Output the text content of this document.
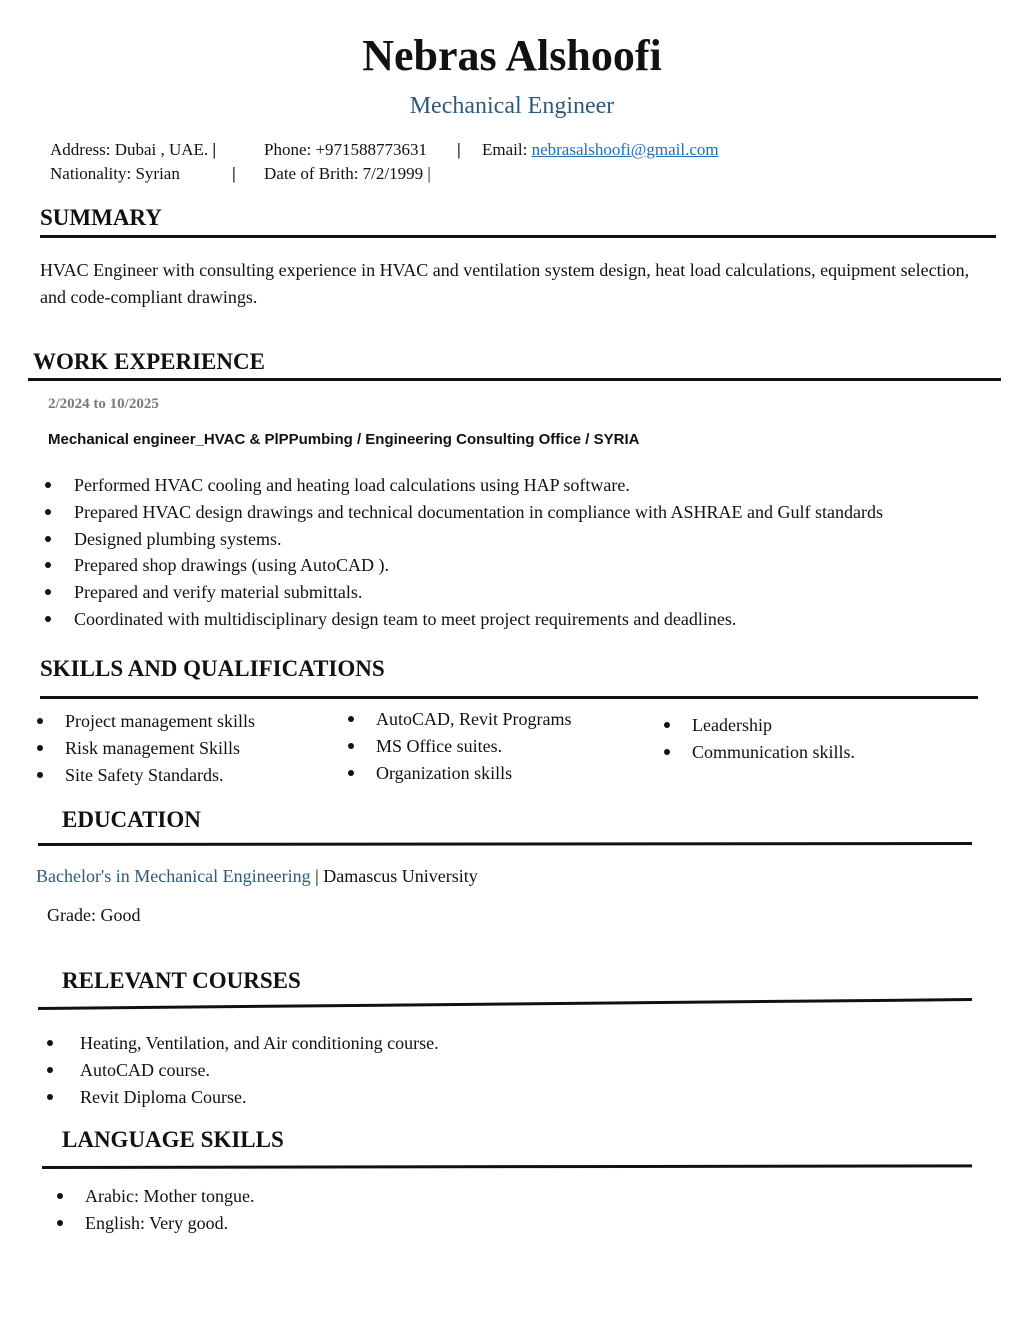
Nebras Alshoofi
Mechanical Engineer
Address: Dubai , UAE. |	Phone: +971588773631 | Email: nebrasalshoofi@gmail.com
Nationality: Syrian	| Date of Brith: 7/2/1999 |
SUMMARY
HVAC Engineer with consulting experience in HVAC and ventilation system design, heat load calculations, equipment selection, and code-compliant drawings.
WORK EXPERIENCE
2/2024 to 10/2025
Mechanical engineer_HVAC & PlPPumbing / Engineering Consulting Office / SYRIA
Performed HVAC cooling and heating load calculations using HAP software.
Prepared HVAC design drawings and technical documentation in compliance with ASHRAE and Gulf standards
Designed plumbing systems.
Prepared shop drawings (using AutoCAD ).
Prepared and verify material submittals.
Coordinated with multidisciplinary design team to meet project requirements and deadlines.
SKILLS AND QUALIFICATIONS
Project management skills
Risk management Skills
Site Safety Standards.
AutoCAD, Revit Programs
MS Office suites.
Organization skills
Leadership
Communication skills.
EDUCATION
Bachelor's in Mechanical Engineering | Damascus University
Grade: Good
RELEVANT COURSES
Heating, Ventilation, and Air conditioning course.
AutoCAD course.
Revit Diploma Course.
LANGUAGE SKILLS
Arabic: Mother tongue.
English: Very good.
